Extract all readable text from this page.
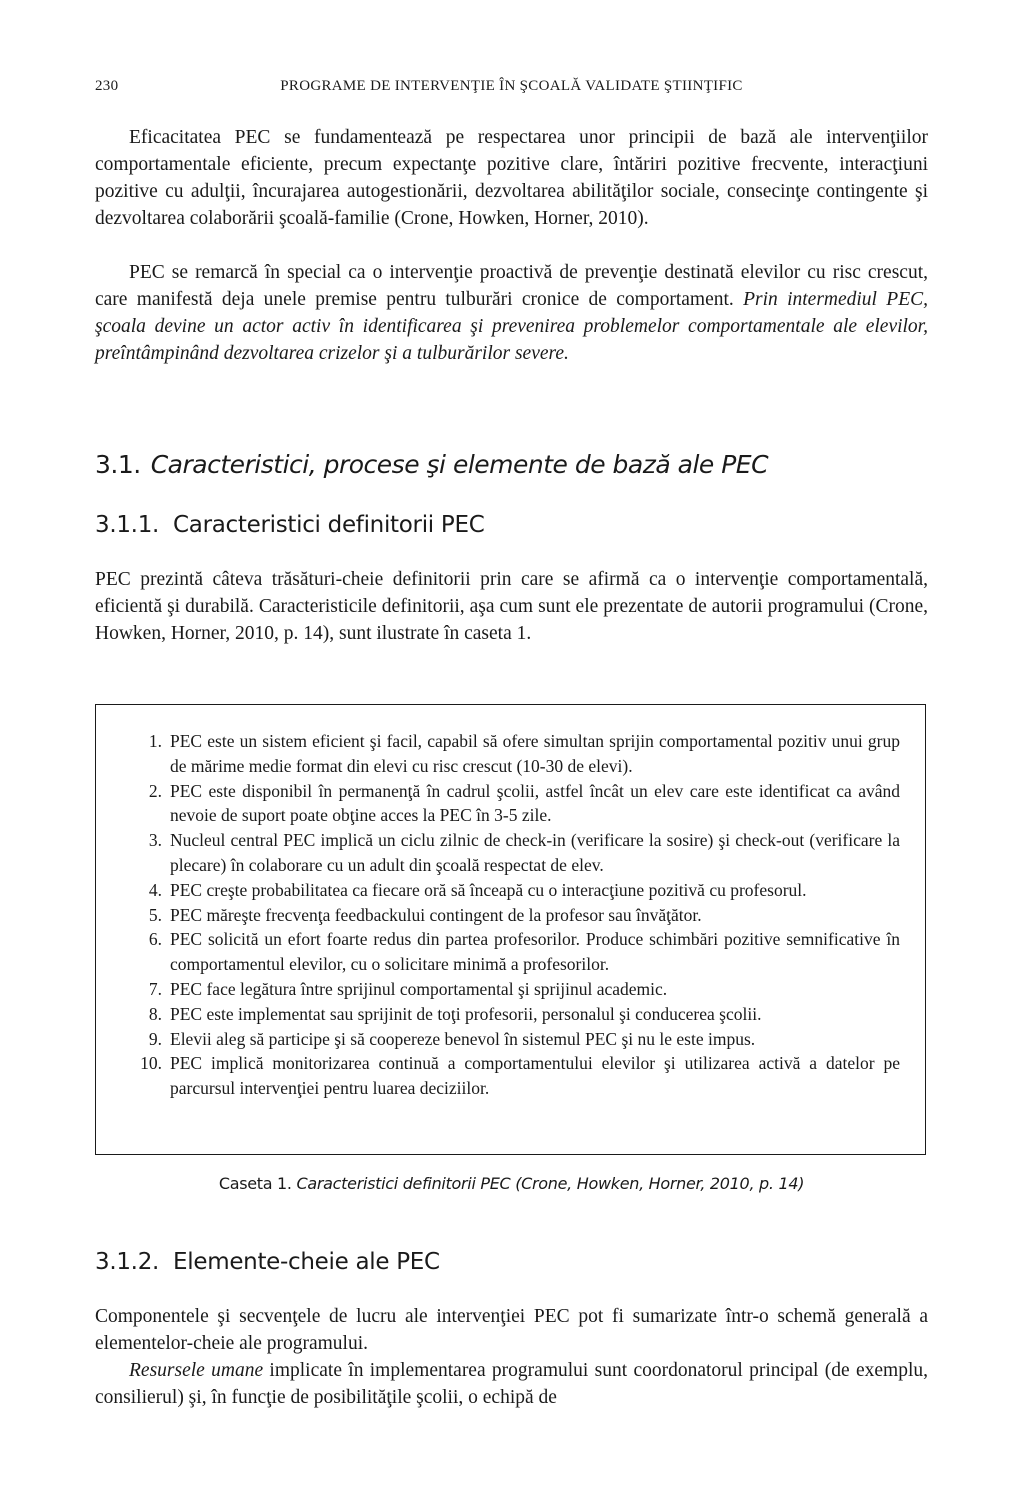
230	PROGRAME DE INTERVENŢIE ÎN ŞCOALĂ VALIDATE ŞTIINŢIFIC

Eficacitatea PEC se fundamentează pe respectarea unor principii de bază ale intervenţiilor comportamentale eficiente, precum expectanţe pozitive clare, întăriri pozitive frecvente, interacţiuni pozitive cu adulţii, încurajarea autogestionării, dezvoltarea abilităţilor sociale, consecinţe contingente şi dezvoltarea colaborării şcoală-familie (Crone, Howken, Horner, 2010).

PEC se remarcă în special ca o intervenţie proactivă de prevenţie destinată elevilor cu risc crescut, care manifestă deja unele premise pentru tulburări cronice de comportament. Prin intermediul PEC, şcoala devine un actor activ în identificarea şi prevenirea problemelor comportamentale ale elevilor, preîntâmpinând dezvoltarea crizelor şi a tulburărilor severe.

3.1. Caracteristici, procese şi elemente de bază ale PEC
3.1.1. Caracteristici definitorii PEC

PEC prezintă câteva trăsături-cheie definitorii prin care se afirmă ca o intervenţie comportamentală, eficientă şi durabilă. Caracteristicile definitorii, aşa cum sunt ele prezentate de autorii programului (Crone, Howken, Horner, 2010, p. 14), sunt ilustrate în caseta 1.

1. PEC este un sistem eficient şi facil, capabil să ofere simultan sprijin comportamental pozitiv unui grup de mărime medie format din elevi cu risc crescut (10-30 de elevi).
2. PEC este disponibil în permanenţă în cadrul şcolii, astfel încât un elev care este identificat ca având nevoie de suport poate obţine acces la PEC în 3-5 zile.
3. Nucleul central PEC implică un ciclu zilnic de check-in (verificare la sosire) şi check-out (verificare la plecare) în colaborare cu un adult din şcoală respectat de elev.
4. PEC creşte probabilitatea ca fiecare oră să înceapă cu o interacţiune pozitivă cu profesorul.
5. PEC măreşte frecvenţa feedbackului contingent de la profesor sau învăţător.
6. PEC solicită un efort foarte redus din partea profesorilor. Produce schimbări pozitive semnificative în comportamentul elevilor, cu o solicitare minimă a profesorilor.
7. PEC face legătura între sprijinul comportamental şi sprijinul academic.
8. PEC este implementat sau sprijinit de toţi profesorii, personalul şi conducerea şcolii.
9. Elevii aleg să participe şi să coopereze benevol în sistemul PEC şi nu le este impus.
10. PEC implică monitorizarea continuă a comportamentului elevilor şi utilizarea activă a datelor pe parcursul intervenţiei pentru luarea deciziilor.
Caseta 1. Caracteristici definitorii PEC (Crone, Howken, Horner, 2010, p. 14)
3.1.2. Elemente-cheie ale PEC

Componentele şi secvenţele de lucru ale intervenţiei PEC pot fi sumarizate într-o schemă generală a elementelor-cheie ale programului.

Resursele umane implicate în implementarea programului sunt coordonatorul principal (de exemplu, consilierul) şi, în funcţie de posibilităţile şcolii, o echipă de
